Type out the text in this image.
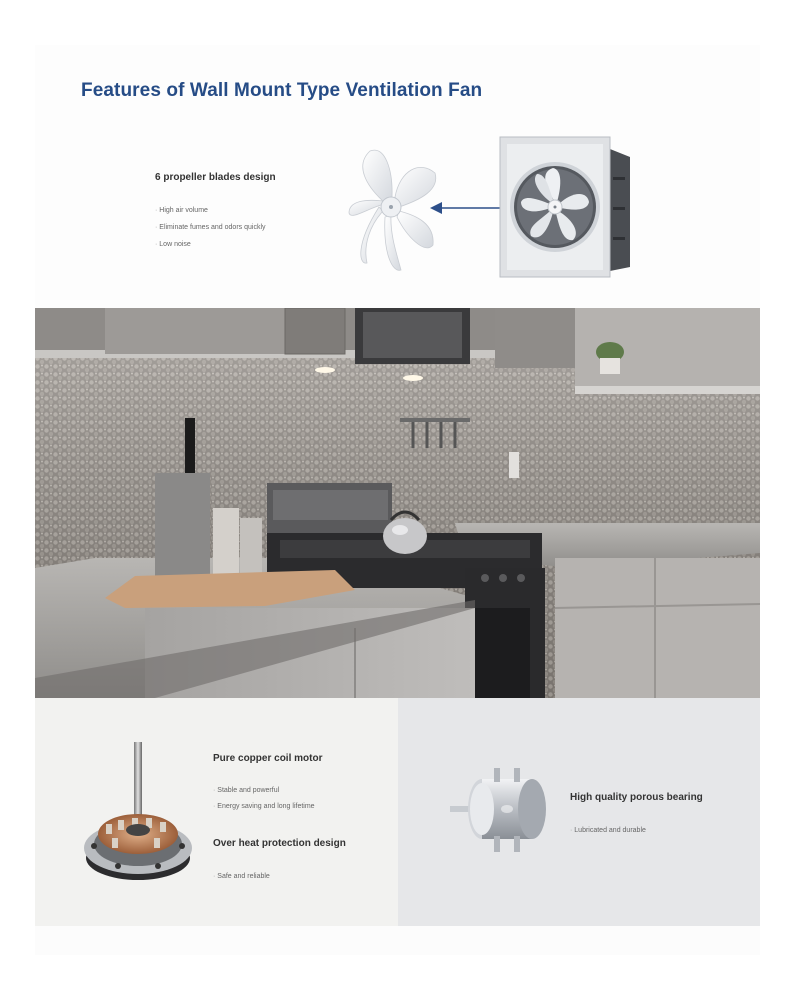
Features of Wall Mount Type Ventilation Fan
6 propeller blades design
· High air volume
· Eliminate fumes and odors quickly
· Low noise
Pure copper coil motor
· Stable and powerful
· Energy saving and long lifetime
Over heat protection design
· Safe and reliable
High quality porous bearing
· Lubricated and durable
